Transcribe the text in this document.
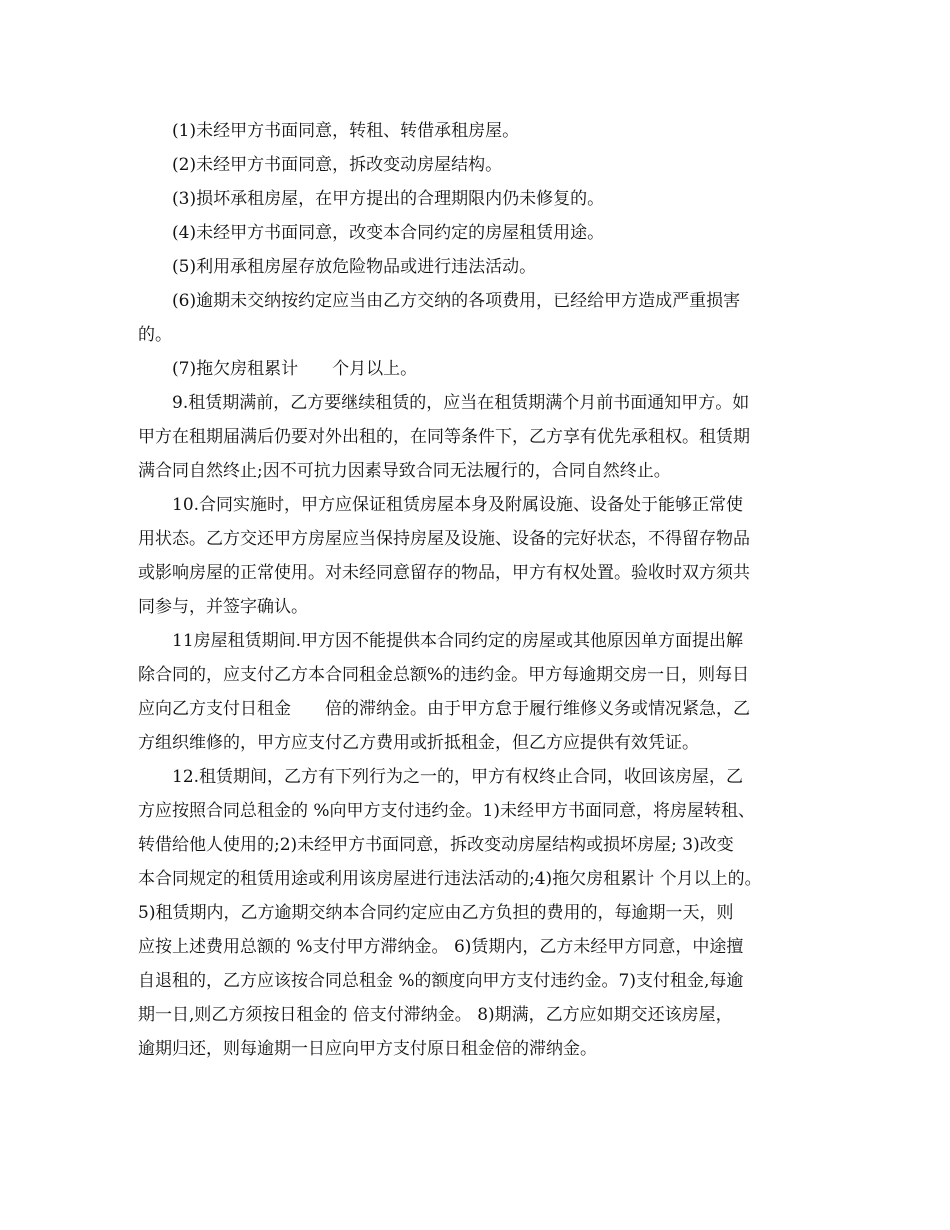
(1)未经甲方书面同意，转租、转借承租房屋。
(2)未经甲方书面同意，拆改变动房屋结构。
(3)损坏承租房屋，在甲方提出的合理期限内仍未修复的。
(4)未经甲方书面同意，改变本合同约定的房屋租赁用途。
(5)利用承租房屋存放危险物品或进行违法活动。
(6)逾期未交纳按约定应当由乙方交纳的各项费用，已经给甲方造成严重损害
的。
(7)拖欠房租累计 个月以上。
9.租赁期满前，乙方要继续租赁的，应当在租赁期满个月前书面通知甲方。如
甲方在租期届满后仍要对外出租的，在同等条件下，乙方享有优先承租权。租赁期
满合同自然终止;因不可抗力因素导致合同无法履行的，合同自然终止。
10.合同实施时，甲方应保证租赁房屋本身及附属设施、设备处于能够正常使
用状态。乙方交还甲方房屋应当保持房屋及设施、设备的完好状态，不得留存物品
或影响房屋的正常使用。对未经同意留存的物品，甲方有权处置。验收时双方须共
同参与，并签字确认。
11房屋租赁期间.甲方因不能提供本合同约定的房屋或其他原因单方面提出解
除合同的，应支付乙方本合同租金总额%的违约金。甲方每逾期交房一日，则每日
应向乙方支付日租金 倍的滞纳金。由于甲方怠于履行维修义务或情况紧急，乙
方组织维修的，甲方应支付乙方费用或折抵租金，但乙方应提供有效凭证。
12.租赁期间，乙方有下列行为之一的，甲方有权终止合同，收回该房屋，乙
方应按照合同总租金的 %向甲方支付违约金。1)未经甲方书面同意，将房屋转租、
转借给他人使用的;2)未经甲方书面同意，拆改变动房屋结构或损坏房屋; 3)改变
本合同规定的租赁用途或利用该房屋进行违法活动的;4)拖欠房租累计 个月以上的。
5)租赁期内，乙方逾期交纳本合同约定应由乙方负担的费用的，每逾期一天，则
应按上述费用总额的 %支付甲方滞纳金。 6)赁期内，乙方未经甲方同意，中途擅
自退租的，乙方应该按合同总租金 %的额度向甲方支付违约金。7)支付租金,每逾
期一日,则乙方须按日租金的 倍支付滞纳金。 8)期满，乙方应如期交还该房屋，
逾期归还，则每逾期一日应向甲方支付原日租金倍的滞纳金。
